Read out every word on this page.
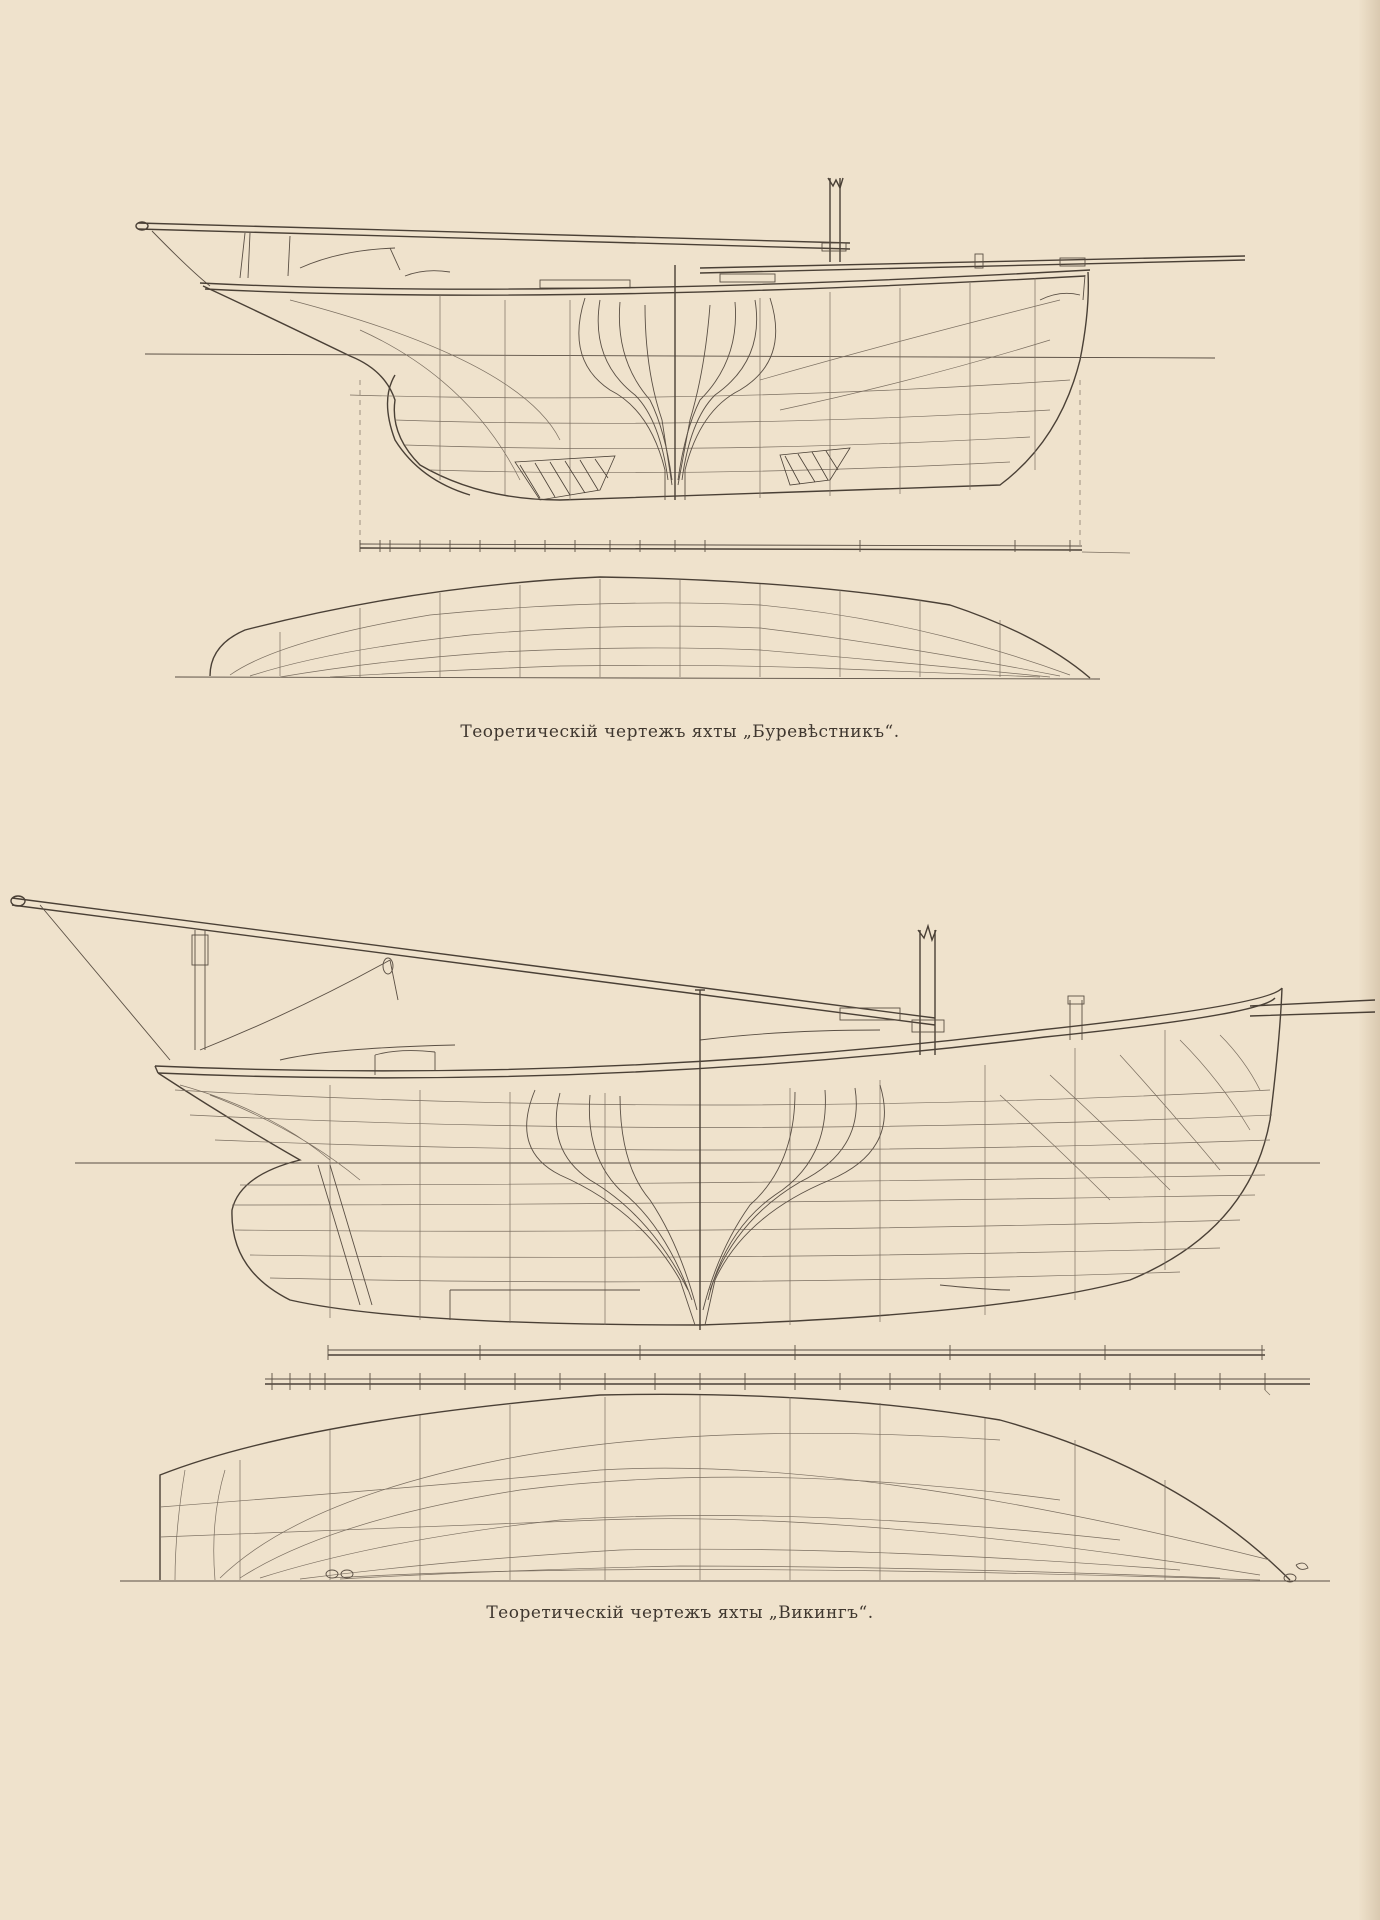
Теоретическій чертежъ яхты „Буревѣстникъ“.
Теоретическій чертежъ яхты „Викингъ“.
